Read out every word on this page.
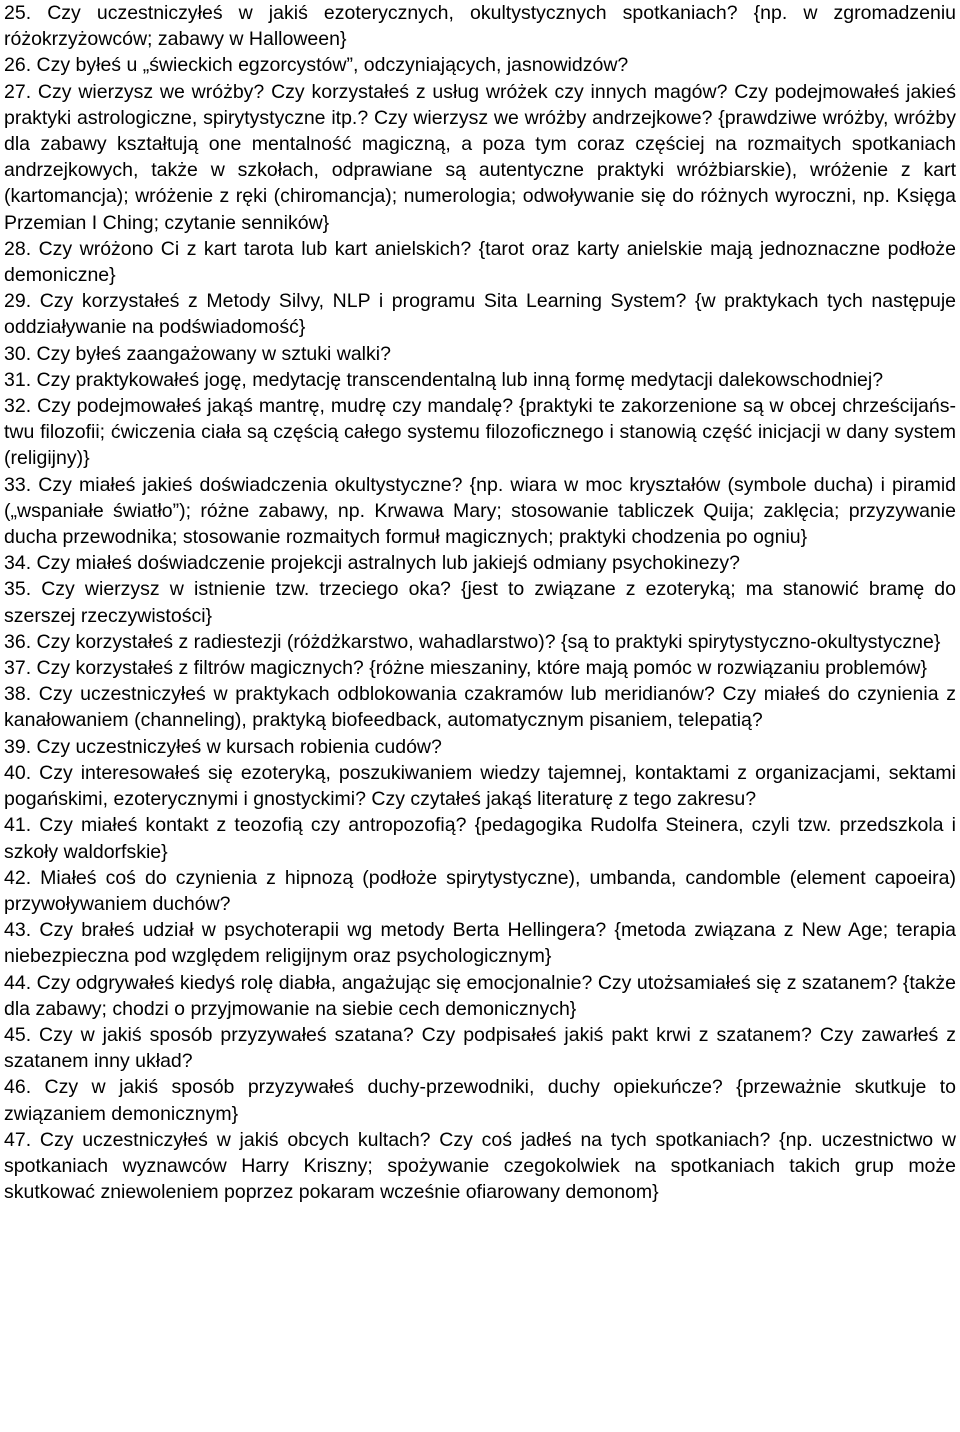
25. Czy uczestniczyłeś w jakiś ezoterycznych, okultystycznych spotkaniach? {np. w zgromadzeniu różokrzyżowców; zabawy w Halloween}

26. Czy byłeś u „świeckich egzorcystów”, odczyniających, jasnowidzów?

27. Czy wierzysz we wróżby? Czy korzystałeś z usług wróżek czy innych magów? Czy podejmowałeś jakieś praktyki astrologiczne, spirytystyczne itp.? Czy wierzysz we wróżby andrzejkowe? {prawdziwe wróżby, wróżby dla zabawy kształtują one mentalność magiczną, a poza tym coraz częściej na rozmaitych spotkaniach andrzejkowych, także w szkołach, odprawiane są autentyczne praktyki wróżbiarskie), wróżenie z kart (kartomancja); wróżenie z ręki (chiromancja); numerologia; odwoływanie się do różnych wyroczni, np. Księga Przemian I Ching; czytanie senników}

28. Czy wróżono Ci z kart tarota lub kart anielskich? {tarot oraz karty anielskie mają jednoznaczne podłoże demoniczne}

29. Czy korzystałeś z Metody Silvy, NLP i programu Sita Learning System? {w praktykach tych następuje oddziaływanie na podświadomość}

30. Czy byłeś zaangażowany w sztuki walki?

31. Czy praktykowałeś jogę, medytację transcendentalną lub inną formę medytacji dalekowschodniej?

32. Czy podejmowałeś jakąś mantrę, mudrę czy mandalę? {praktyki te zakorzenione są w obcej chrześcijaństwu filozofii; ćwiczenia ciała są częścią całego systemu filozoficznego i stanowią część inicjacji w dany system (religijny)}

33. Czy miałeś jakieś doświadczenia okultystyczne? {np. wiara w moc kryształów (symbole ducha) i piramid („wspaniałe światło”); różne zabawy, np. Krwawa Mary; stosowanie tabliczek Quija; zaklęcia; przyzywanie ducha przewodnika; stosowanie rozmaitych formuł magicznych; praktyki chodzenia po ogniu}

34. Czy miałeś doświadczenie projekcji astralnych lub jakiejś odmiany psychokinezy?

35. Czy wierzysz w istnienie tzw. trzeciego oka? {jest to związane z ezoteryką; ma stanowić bramę do szerszej rzeczywistości}

36. Czy korzystałeś z radiestezji (różdżkarstwo, wahadlarstwo)? {są to praktyki spirytystyczno-okultystyczne}

37. Czy korzystałeś z filtrów magicznych? {różne mieszaniny, które mają pomóc w rozwiązaniu problemów}

38. Czy uczestniczyłeś w praktykach odblokowania czakramów lub meridianów? Czy miałeś do czynienia z kanałowaniem (channeling), praktyką biofeedback, automatycznym pisaniem, telepatią?

39. Czy uczestniczyłeś w kursach robienia cudów?

40. Czy interesowałeś się ezoteryką, poszukiwaniem wiedzy tajemnej, kontaktami z organizacjami, sektami pogańskimi, ezoterycznymi i gnostyckimi? Czy czytałeś jakąś literaturę z tego zakresu?

41. Czy miałeś kontakt z teozofią czy antropozofią? {pedagogika Rudolfa Steinera, czyli tzw. przedszkola i szkoły waldorfskie}

42. Miałeś coś do czynienia z hipnozą (podłoże spirytystyczne), umbanda, candomble (element capoeira) przywoływaniem duchów?

43. Czy brałeś udział w psychoterapii wg metody Berta Hellingera? {metoda związana z New Age; terapia niebezpieczna pod względem religijnym oraz psychologicznym}

44. Czy odgrywałeś kiedyś rolę diabła, angażując się emocjonalnie? Czy utożsamiałeś się z szatanem? {także dla zabawy; chodzi o przyjmowanie na siebie cech demonicznych}

45. Czy w jakiś sposób przyzywałeś szatana? Czy podpisałeś jakiś pakt krwi z szatanem? Czy zawarłeś z szatanem inny układ?

46. Czy w jakiś sposób przyzywałeś duchy-przewodniki, duchy opiekuńcze? {przeważnie skutkuje to związaniem demonicznym}

47. Czy uczestniczyłeś w jakiś obcych kultach? Czy coś jadłeś na tych spotkaniach? {np. uczestnictwo w spotkaniach wyznawców Harry Kriszny; spożywanie czegokolwiek na spotkaniach takich grup może skutkować zniewoleniem poprzez pokaram wcześnie ofiarowany demonom}
